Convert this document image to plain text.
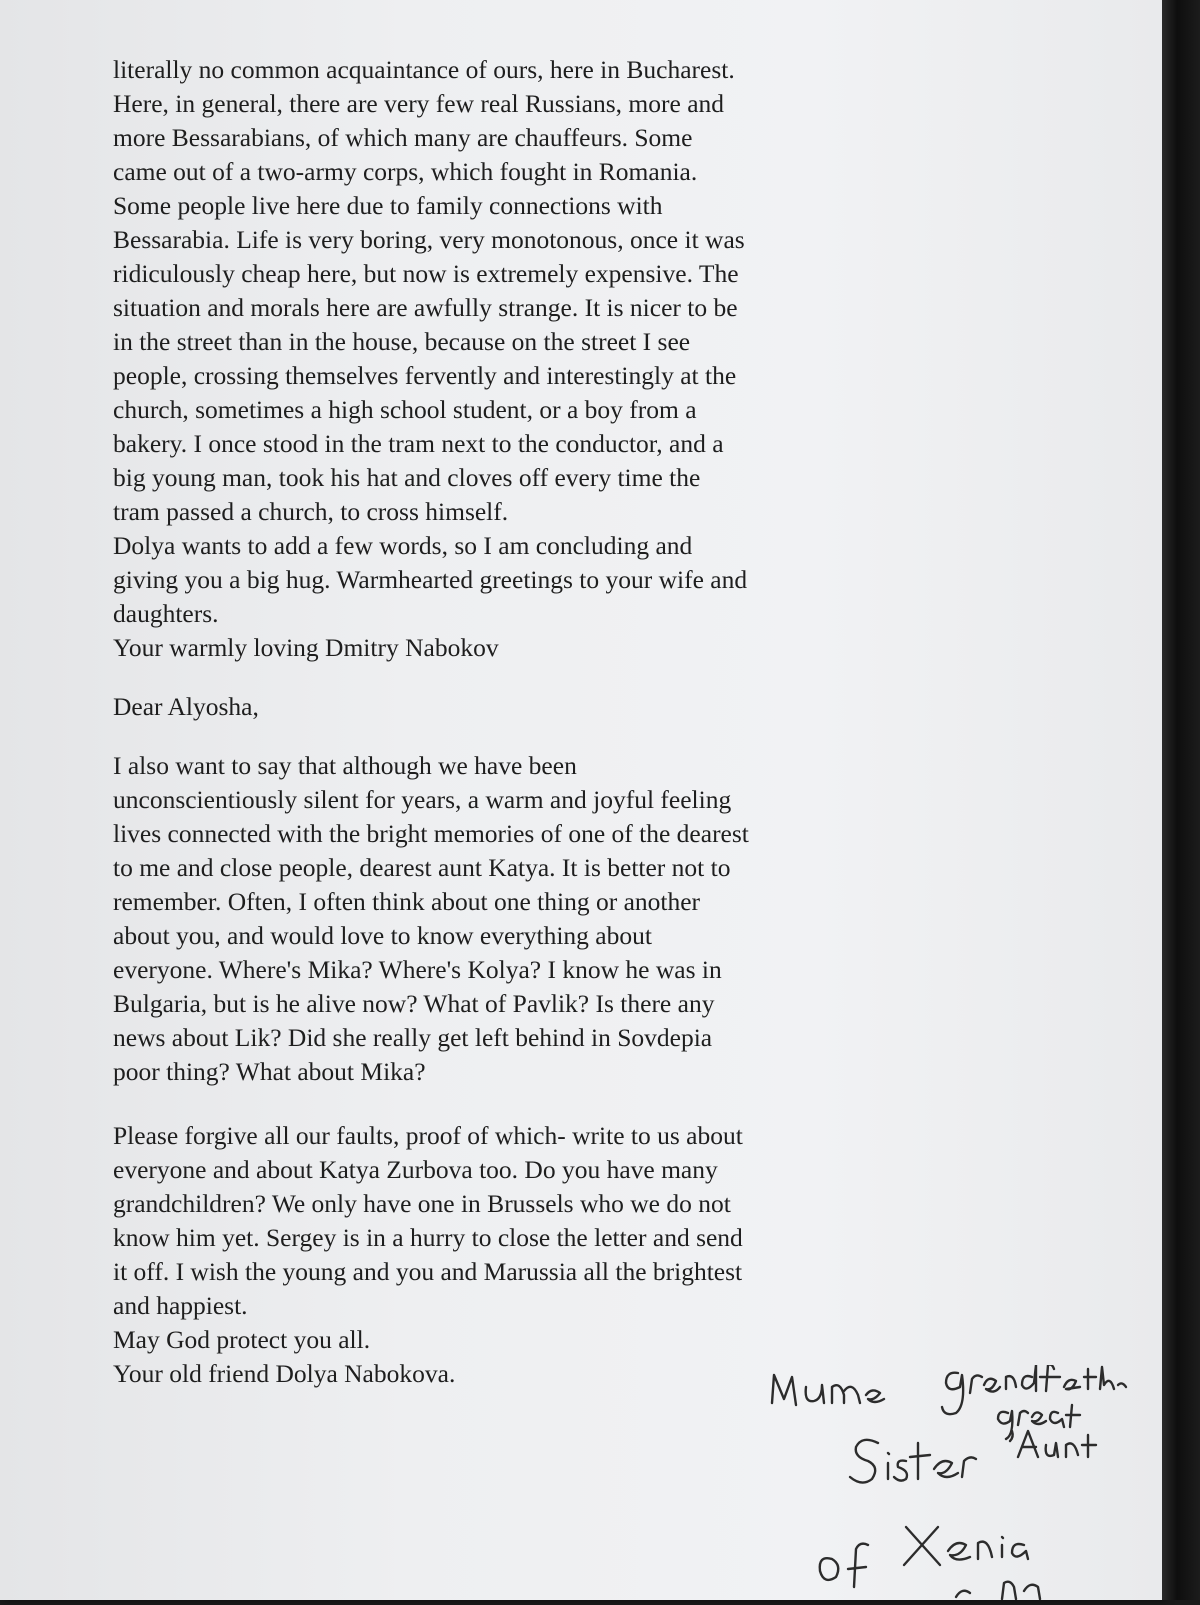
literally no common acquaintance of ours, here in Bucharest.
Here, in general, there are very few real Russians, more and
more Bessarabians, of which many are chauffeurs. Some
came out of a two-army corps, which fought in Romania.
Some people live here due to family connections with
Bessarabia. Life is very boring, very monotonous, once it was
ridiculously cheap here, but now is extremely expensive. The
situation and morals here are awfully strange. It is nicer to be
in the street than in the house, because on the street I see
people, crossing themselves fervently and interestingly at the
church, sometimes a high school student, or a boy from a
bakery. I once stood in the tram next to the conductor, and a
big young man, took his hat and cloves off every time the
tram passed a church, to cross himself.
Dolya wants to add a few words, so I am concluding and
giving you a big hug. Warmhearted greetings to your wife and
daughters.

Your warmly loving Dmitry Nabokov

Dear Alyosha,

I also want to say that although we have been
unconscientiously silent for years, a warm and joyful feeling
lives connected with the bright memories of one of the dearest
to me and close people, dearest aunt Katya. It is better not to
remember. Often, I often think about one thing or another
about you, and would love to know everything about
everyone. Where's Mika? Where's Kolya? I know he was in
Bulgaria, but is he alive now? What of Pavlik? Is there any
news about Lik? Did she really get left behind in Sovdepia
poor thing? What about Mika?

Please forgive all our faults, proof of which- write to us about
everyone and about Katya Zurbova too. Do you have many
grandchildren? We only have one in Brussels who we do not
know him yet. Sergey is in a hurry to close the letter and send
it off. I wish the young and you and Marussia all the brightest
and happiest.

May God protect you all.

Your old friend Dolya Nabokova.
